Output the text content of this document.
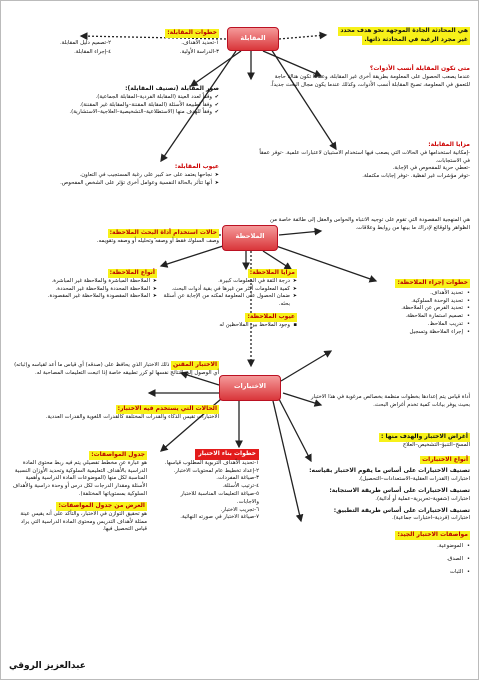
المقابلة
الملاحظة
الاختبارات
هي المحادثة الجادة الموجهة نحو هدف محدد غير مجرد الرغبة في المحادثة ذاتها.
متى تكون المقابلة أنسب الأدوات؟
عندما يصعب الحصول على المعلومة بطريقة أخرى غير المقابلة، وعندما تكون هناك حاجة للتعمق في المعلومة، تصبح المقابلة أنسب الأدوات، وكذلك عندما يكون مجال البحث جديداً.
خطوات المقابلة:
١-تحديد الأهداف.
٢-تصميم دليل المقابلة.
٣-الدراسة الأولية.
٤-إجراء المقابلة.
صور المقابلة (تصنيف المقابلة):
✔ وفقاً لعدد العينة (المقابلة الفردية–المقابلة الجماعية).
✔ وفقاً لطبيعة الأسئلة (المقابلة المقننة–والمقابلة غير المقننة).
✔ وفقاً للهدف منها (الاستطلاعية–التشخيصية–العلاجية–الاستشارية).
مزايا المقابلة:
-إمكانية استخدامها في الحالات التي يصعب فيها استخدام الاستبيان لاعتبارات علمية. -توفر عمقاً في الاستجابات.
-تعطي حرية للمفحوص في الإجابة.
-توفر مؤشرات غير لفظية. -توفر إجابات مكتملة.
عيوب المقابلة:
➤ نجاحها يعتمد على حد كبير على رغبة المستجيب في التعاون.
➤ أنها تتأثر بالحالة النفسية وعوامل أخرى تؤثر على الشخص المفحوص.
هي المنهجية المقصودة التي تقوم على توجيه الانتباه والحواس والعقل إلى طائفة خاصة من الظواهر والوقائع لإدراك ما بينها من روابط وعلاقات.
حالات استخدام أداة البحث الملاحظة:
وصف السلوك فقط أو وصفه وتحليله أو وصفه وتقويمه.
أنواع الملاحظة:
➤ الملاحظة المباشرة والملاحظة غير المباشرة.
➤ الملاحظة المحددة والملاحظة غير المحددة.
➤ الملاحظة المقصودة والملاحظة غير المقصودة.
مزايا الملاحظة:
➤ درجة الثقة في المعلومات كبيرة.
➤ كمية المعلومات أكثر من غيرها في بقية أدوات البحث.
➤ ضمان الحصول على المعلومة لمكنه من الإجابة عن أسئلة بحثه.
عيوب الملاحظة:
▪ وجود الملاحظ بين الملاحظين له
خطوات إجراء الملاحظة:
• تحديد الأهداف.
• تحديد الوحدة السلوكية.
• تحديد الفرص عن الملاحظة.
• تصميم استمارة الملاحظة.
• تدريب الملاحظ.
• إجراء الملاحظة وتسجيل
أداة قياس يتم إعدادها بخطوات منظمة بخصائص مرغوبة في هذا الاختبار بحيث يوفر بيانات كمية تخدم أغراض البحث.
الاختبار المقنن ذلك الاختبار الذي يحافظ على (صدقه) أي قياس ما أعد لقياسه و(ثباته) أي الوصول إلى النتائج نفسها لو كرر تطبيقه خاصة إذا اتبعت التعليمات المصاحبة له.
الحالات التي يستخدم فيه الاختبار:
الاختبارات تقيس الذكاء والقدرات المختلفة كالقدرات اللغوية والقدرات العددية.
جدول المواصفات:
هو عبارة عن مخطط تفصيلي يتم فيه ربط محتوى المادة الدراسية بالأهداف التعليمية السلوكية وتحديد الأوزان النسبية المناسبة لكل منها (الموضوعات المادة الدراسية وأهمية الأسئلة ومقدار الدرجات لكل درس أو وحدة دراسية والأهداف السلوكية بمستوياتها المختلفة).
الغرض من جدول المواصفات:
هو تحقيق التوازن في الاختبار، والتأكد على أنه يقيس عينة ممثلة لأهداف التدريس ومحتوى المادة الدراسية التي يراد قياس التحصيل فيها.
خطوات بناء الاختبار
١-تحديد الأهداف التربوية المطلوب قياسها.
٢-إعداد تخطيط عام لمحتويات الاختبار.
٣-صياغة المفردات.
٤-ترتيب الأسئلة.
٥-صياغة التعليمات المناسبة للاختبار والاجابات.
٦-تجريب الاختبار.
٧-صياغة الاختبار في صورته النهائية.
أغراض الاختبار والهدف منها :
المسح–التنبؤ–التشخيص–العلاج
أنواع الاختبارات
تصنيف الاختبارات على أساس ما يقوم الاختبار بقياسه:
اختبارات (القدرات العقلية–الاستعدادات–التحصيل).
تصنيف الاختبارات على أساس طريقة الاستجابة:
اختبارات (شفوية–تحريرية–عملية أو أدائية).
تصنيف الاختبارات على أساس طريقة التطبيق:
اختبارات (فردية–اختبارات جماعية).
مواصفات الاختبار الجيد:
• الموضوعية.
• الصدق.
• الثبات
عبدالعزيز الروقي
